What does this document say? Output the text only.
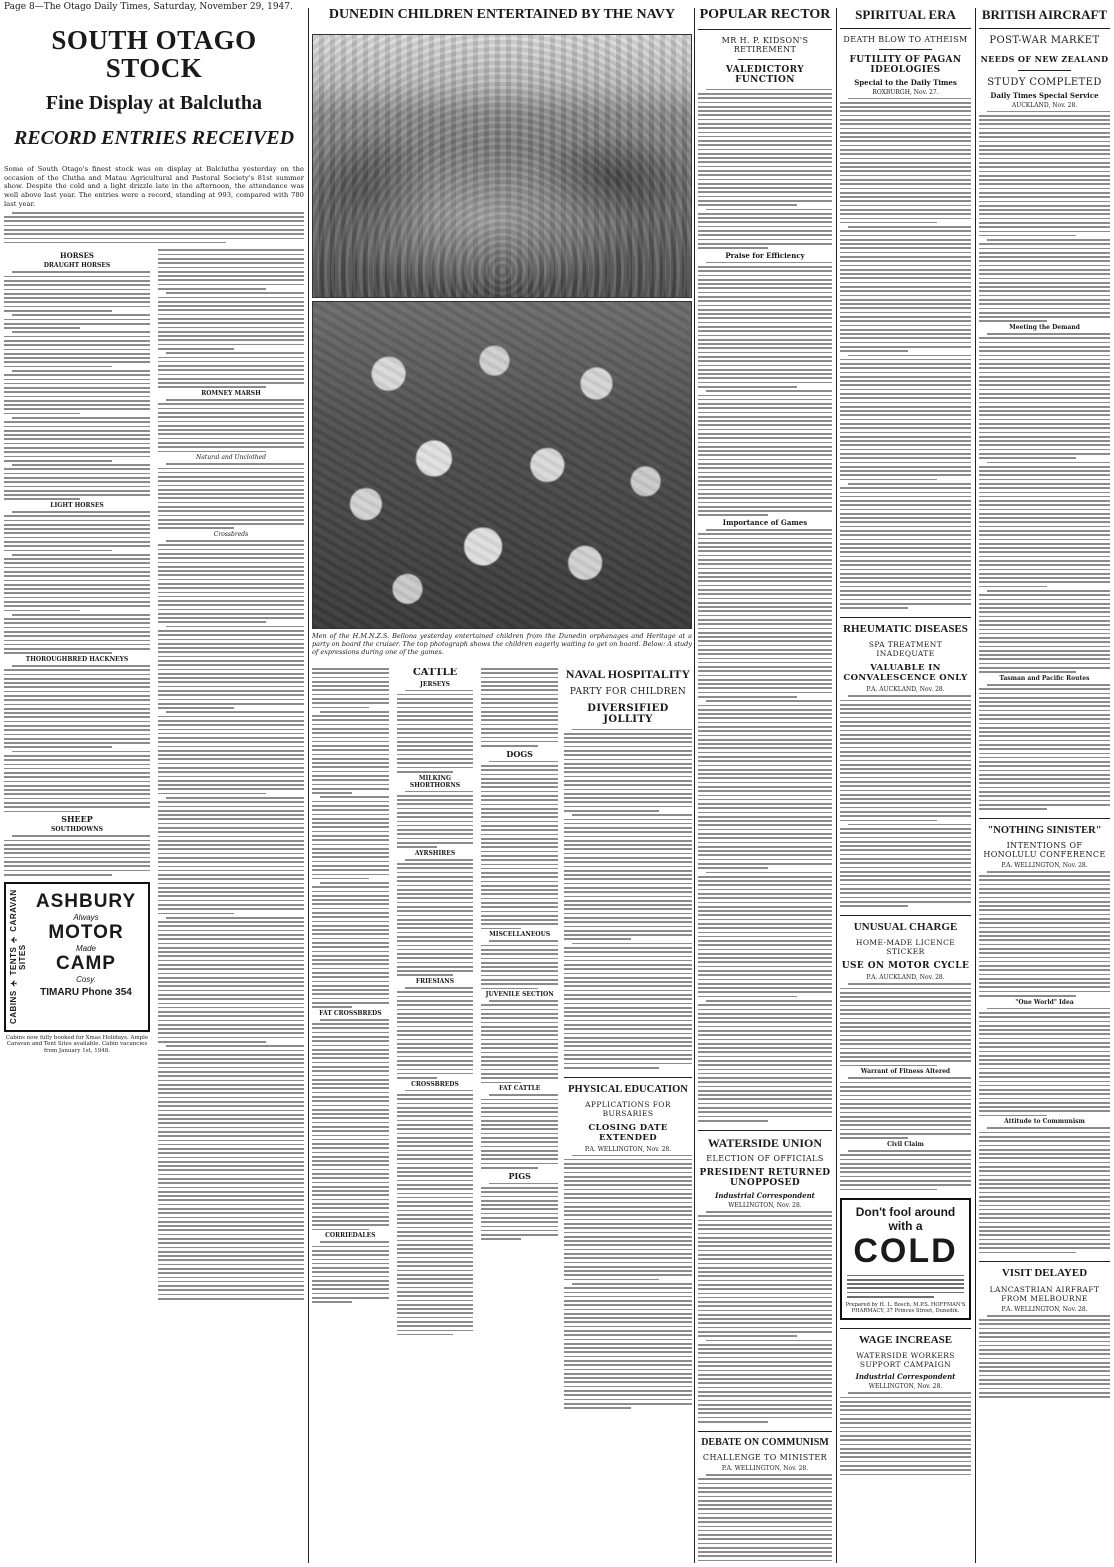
Page 8—The Otago Daily Times, Saturday, November 29, 1947.
SOUTH OTAGO STOCK
Fine Display at Balclutha
RECORD ENTRIES RECEIVED
Some of South Otago's finest stock was on display at Balclutha yesterday on the occasion of the Clutha and Matau Agricultural and Pastoral Society's 81st summer show. Despite the cold and a light drizzle late in the afternoon, the attendance was well above last year. The entries were a record, standing at 993, compared with 780 last year.
HORSES
DRAUGHT HORSES
LIGHT HORSES
THOROUGHBRED HACKNEYS
SHEEP
SOUTHDOWNS
CABINS ✈ TENTS ✈ CARAVAN SITES
ASHBURY
Always
MOTOR
Made
CAMP
Cosy.
TIMARU Phone 354
Cabins now fully booked for Xmas Holidays. Ample Caravan and Tent Sites available. Cabin vacancies from January 1st, 1948.
ROMNEY MARSH
Natural and Unclothed
Crossbreds
DUNEDIN CHILDREN ENTERTAINED BY THE NAVY
Men of the H.M.N.Z.S. Bellona yesterday entertained children from the Dunedin orphanages and Heritage at a party on board the cruiser. The top photograph shows the children eagerly waiting to get on board. Below: A study of expressions during one of the games.
FAT CROSSBREDS
CORRIEDALES
CATTLE
JERSEYS
MILKING SHORTHORNS
AYRSHIRES
FRIESIANS
CROSSBREDS
DOGS
MISCELLANEOUS
JUVENILE SECTION
FAT CATTLE
PIGS
NAVAL HOSPITALITY
PARTY FOR CHILDREN
DIVERSIFIED JOLLITY
PHYSICAL EDUCATION
APPLICATIONS FOR BURSARIES
CLOSING DATE EXTENDED
P.A. WELLINGTON, Nov. 28.
POPULAR RECTOR
MR H. P. KIDSON'S RETIREMENT
VALEDICTORY FUNCTION
Praise for Efficiency
Importance of Games
WATERSIDE UNION
ELECTION OF OFFICIALS
PRESIDENT RETURNED UNOPPOSED
Industrial Correspondent
WELLINGTON, Nov. 28.
DEBATE ON COMMUNISM
CHALLENGE TO MINISTER
P.A. WELLINGTON, Nov. 28.
SPIRITUAL ERA
DEATH BLOW TO ATHEISM
FUTILITY OF PAGAN IDEOLOGIES
Special to the Daily Times
ROXBURGH, Nov. 27.
RHEUMATIC DISEASES
SPA TREATMENT INADEQUATE
VALUABLE IN CONVALESCENCE ONLY
P.A. AUCKLAND, Nov. 28.
UNUSUAL CHARGE
HOME-MADE LICENCE STICKER
USE ON MOTOR CYCLE
P.A. AUCKLAND, Nov. 28.
Warrant of Fitness Altered
Civil Claim
Don't fool around
with a
COLD
Prepared by H. L. Bosch, M.P.S. HOFFMAN'S PHARMACY, 37 Princes Street, Dunedin.
WAGE INCREASE
WATERSIDE WORKERS SUPPORT CAMPAIGN
Industrial Correspondent
WELLINGTON, Nov. 28.
BRITISH AIRCRAFT
POST-WAR MARKET
NEEDS OF NEW ZEALAND
STUDY COMPLETED
Daily Times Special Service
AUCKLAND, Nov. 28.
Meeting the Demand
Tasman and Pacific Routes
"NOTHING SINISTER"
INTENTIONS OF HONOLULU CONFERENCE
P.A. WELLINGTON, Nov. 28.
"One World" Idea
Attitude to Communism
VISIT DELAYED
LANCASTRIAN AIRFRAFT FROM MELBOURNE
P.A. WELLINGTON, Nov. 28.
